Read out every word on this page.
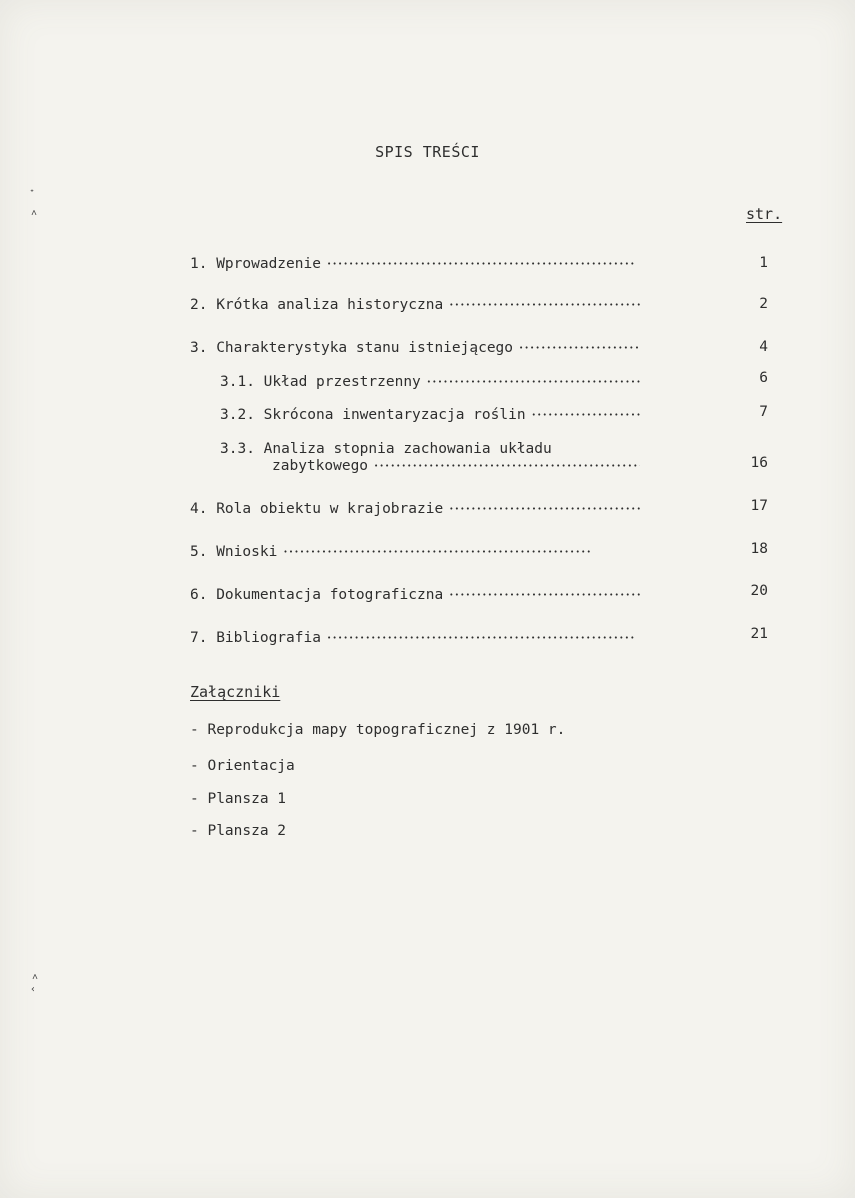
ᐩ
˄
˄
‹
SPIS TREŚCI
str.
1.
Wprowadzenie •••••	1
2.
Krótka analiza historyczna •••••	2
3.
Charakterystyka stanu istniejącego •••••	4
3.1.
Układ przestrzenny •••••	6
3.2.
Skrócona inwentaryzacja roślin •••••	7
3.3. Analiza stopnia zachowania układu
zabytkowego •••••	16
4.
Rola obiektu w krajobrazie •••••	17
5.
Wnioski •••••	18
6.
Dokumentacja fotograficzna •••••	20
7.
Bibliografia •••••	21
Załączniki
- Reprodukcja mapy topograficznej z 1901 r.
- Orientacja
- Plansza 1
- Plansza 2
